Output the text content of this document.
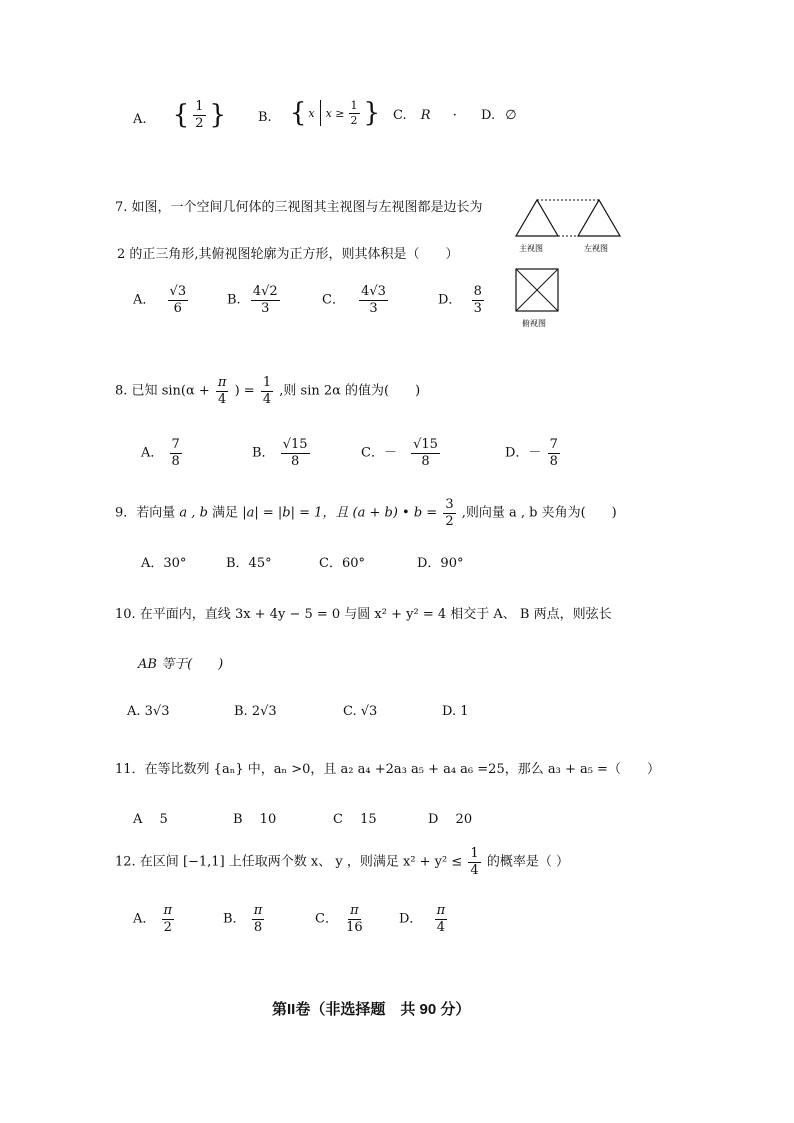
A. { $\frac{1}{2}$ } B. { x $x \ge \frac{1}{2}$ } C. R · D. ∅
7. 如图，一个空间几何体的三视图其主视图与左视图都是边长为
2 的正三角形,其俯视图轮廓为正方形，则其体积是（　　）
A． $\frac{√3}{6}$	B. $\frac{4√2}{3}$	C． $\frac{4√3}{3}$	D． $\frac{8}{3}$
主视图	左视图
俯视图
8. 已知 $\sin(\alpha + \frac{\pi}{4}$ ) = $\frac{1}{4}$ ,则 sin 2α 的值为(　　)
A． $\frac{7}{8}$	B． $\frac{√15}{8}$	C．－ $\frac{√15}{8}$	D．－ $\frac{7}{8}$
9．若向量 a , b 满足 |a| = |b| = 1，且 (a + b) • $b = \frac{3}{2}$ ,则向量 a , b 夹角为(　　)
A．30°	B．45°	C．60°	D．90°
10. 在平面内，直线 3x + 4y − 5 = 0 与圆 x² + y² = 4 相交于 A、 B 两点，则弦长
AB 等于(　　)
A. 3√3	B. 2√3	C. √3	D. 1
11．在等比数列 {aₙ} 中，aₙ >0，且 a₂ a₄ +2a₃ a₅ + a₄ a₆ =25，那么 a₃ + a₅ =（　　）
A　 5	B　 10	C　 15	D　 20
12. 在区间 [−1,1] 上任取两个数 x、 y ，则满足 $x^2 + y^2 \le \frac{1}{4}$ 的概率是（ ）
A． $\frac{\pi}{2}$	B． $\frac{\pi}{8}$	C． $\frac{\pi}{16}$	D． $\frac{\pi}{4}$
第II卷（非选择题　共 90 分）
